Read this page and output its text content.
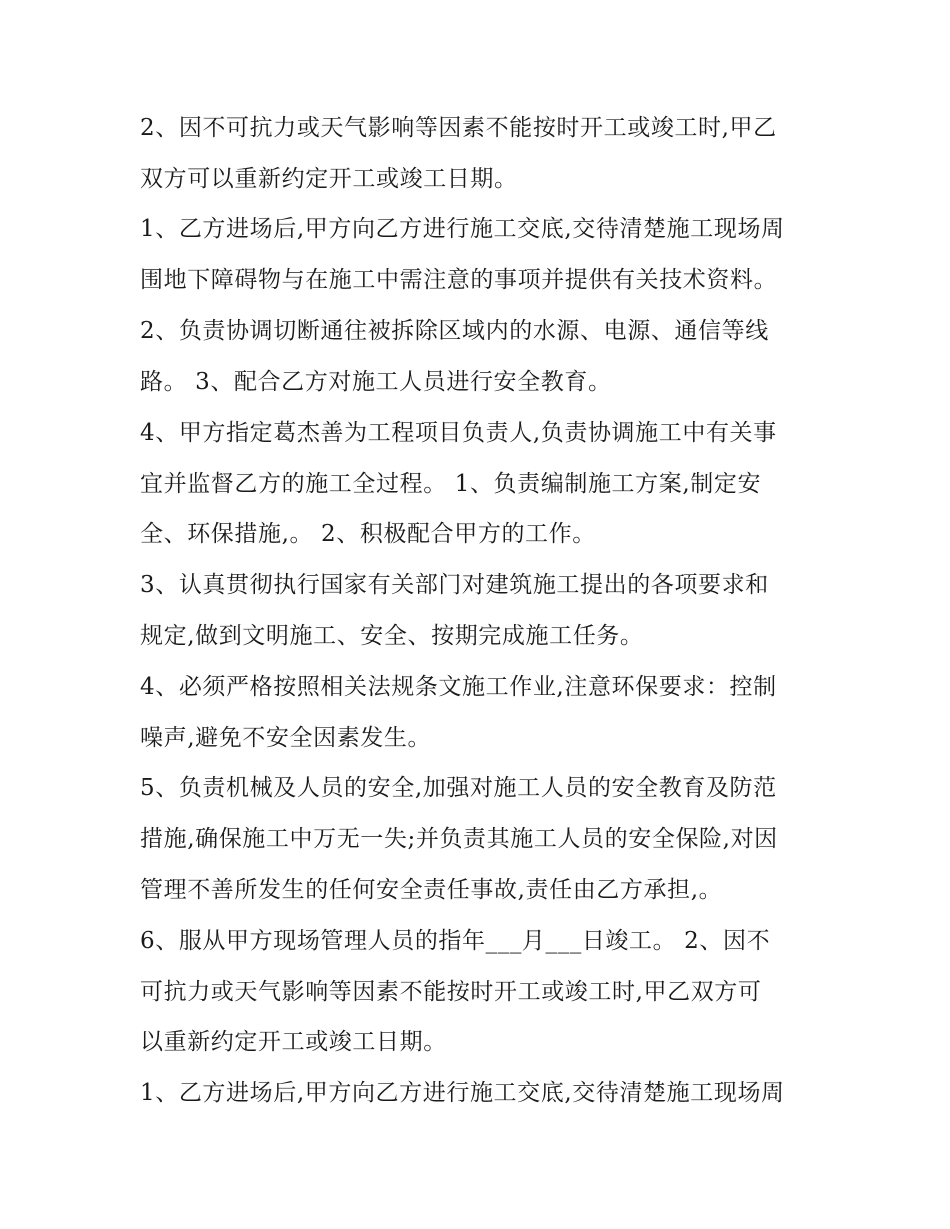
2、因不可抗力或天气影响等因素不能按时开工或竣工时,甲乙
双方可以重新约定开工或竣工日期。
1、乙方进场后,甲方向乙方进行施工交底,交待清楚施工现场周
围地下障碍物与在施工中需注意的事项并提供有关技术资料。
2、负责协调切断通往被拆除区域内的水源、电源、通信等线
路。 3、配合乙方对施工人员进行安全教育。
4、甲方指定葛杰善为工程项目负责人,负责协调施工中有关事
宜并监督乙方的施工全过程。 1、负责编制施工方案,制定安
全、环保措施,。 2、积极配合甲方的工作。
3、认真贯彻执行国家有关部门对建筑施工提出的各项要求和
规定,做到文明施工、安全、按期完成施工任务。
4、必须严格按照相关法规条文施工作业,注意环保要求：控制
噪声,避免不安全因素发生。
5、负责机械及人员的安全,加强对施工人员的安全教育及防范
措施,确保施工中万无一失;并负责其施工人员的安全保险,对因
管理不善所发生的任何安全责任事故,责任由乙方承担,。
6、服从甲方现场管理人员的指年___月___日竣工。 2、因不
可抗力或天气影响等因素不能按时开工或竣工时,甲乙双方可
以重新约定开工或竣工日期。
1、乙方进场后,甲方向乙方进行施工交底,交待清楚施工现场周
